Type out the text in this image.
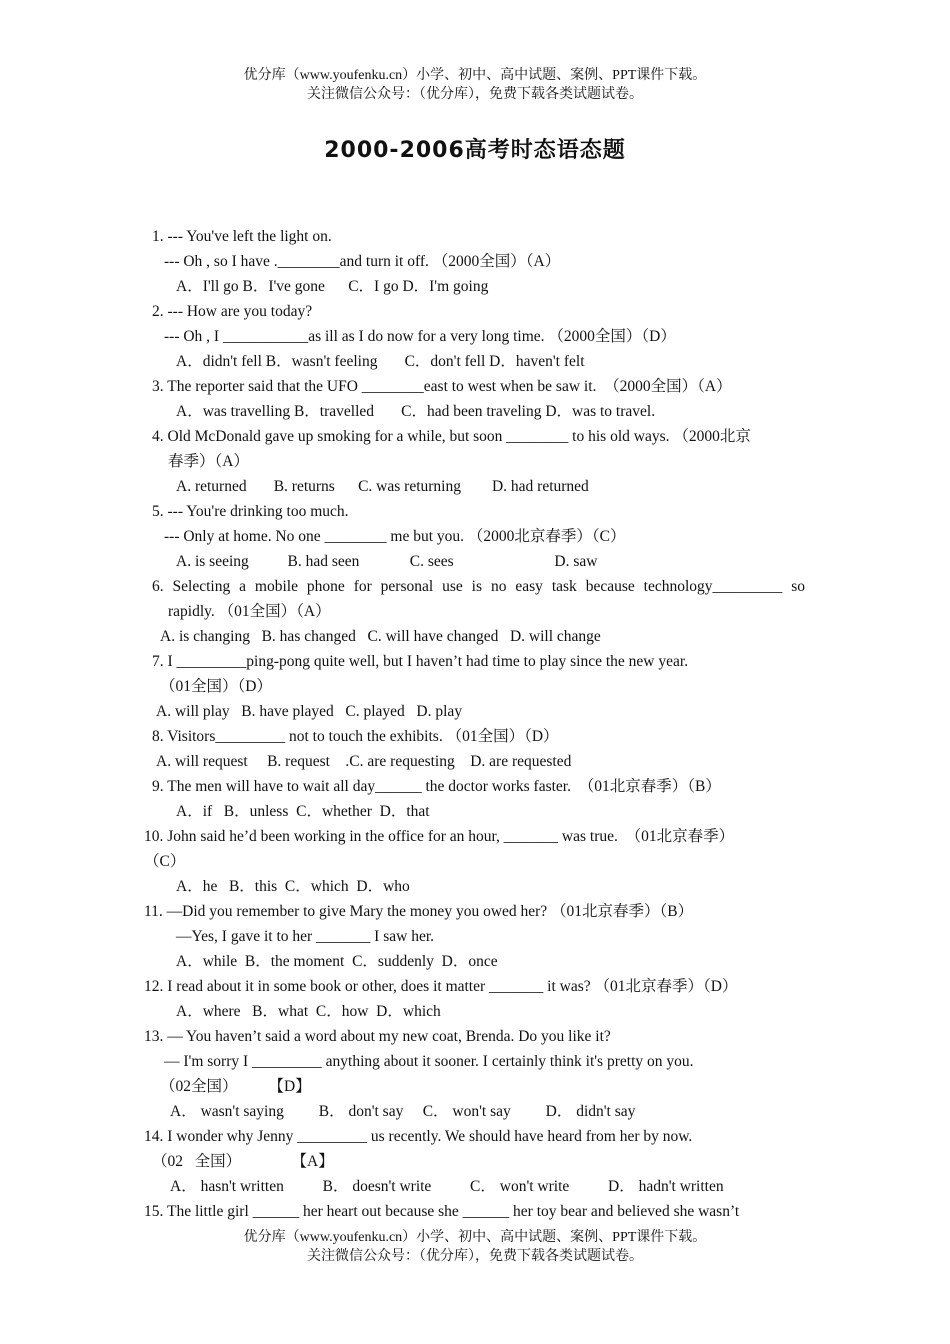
优分库（www.youfenku.cn）小学、初中、高中试题、案例、PPT课件下载。
关注微信公众号：（优分库），免费下载各类试题试卷。
2000-2006高考时态语态题

1. --- You've left the light on.

--- Oh , so I have .________and turn it off. （2000全国）（A）

A．I'll go B．I've gone      C．I go D．I'm going

2. --- How are you today?

--- Oh , I ___________as ill as I do now for a very long time. （2000全国）（D）

A．didn't fell B．wasn't feeling       C．don't fell D．haven't felt

3. The reporter said that the UFO ________east to west when be saw it.  （2000全国）（A）

A．was travelling B．travelled       C．had been traveling D．was to travel.

4. Old McDonald gave up smoking for a while, but soon ________ to his old ways. （2000北京

春季）（A）

A. returned       B. returns      C. was returning        D. had returned

5. --- You're drinking too much.

--- Only at home. No one ________ me but you. （2000北京春季）（C）

A. is seeing          B. had seen             C. sees                          D. saw

6. Selecting a mobile phone for personal use is no easy task because technology_________ so

rapidly. （01全国）（A）

A. is changing   B. has changed   C. will have changed   D. will change

7. I _________ping-pong quite well, but I haven’t had time to play since the new year.

（01全国）（D）

A. will play   B. have played   C. played   D. play

8. Visitors_________ not to touch the exhibits. （01全国）（D）

A. will request     B. request    .C. are requesting    D. are requested

9. The men will have to wait all day______ the doctor works faster.  （01北京春季）（B）

A．if   B．unless  C．whether  D．that

10. John said he’d been working in the office for an hour, _______ was true.  （01北京春季）

（C）

A．he   B．this  C．which  D．who

11. —Did you remember to give Mary the money you owed her? （01北京春季）（B）

—Yes, I gave it to her _______ I saw her.

A．while  B．the moment  C．suddenly  D．once

12. I read about it in some book or other, does it matter _______ it was? （01北京春季）（D）

A．where   B．what  C．how  D．which

13. — You haven’t said a word about my new coat, Brenda. Do you like it?

— I'm sorry I _________ anything about it sooner. I certainly think it's pretty on you.

（02全国）        【D】

A． wasn't saying         B． don't say     C． won't say         D． didn't say

14. I wonder why Jenny _________ us recently. We should have heard from her by now.

（02   全国）             【A】

A． hasn't written          B． doesn't write          C． won't write          D． hadn't written

15. The little girl ______ her heart out because she ______ her toy bear and believed she wasn’t

优分库（www.youfenku.cn）小学、初中、高中试题、案例、PPT课件下载。
关注微信公众号：（优分库），免费下载各类试题试卷。
